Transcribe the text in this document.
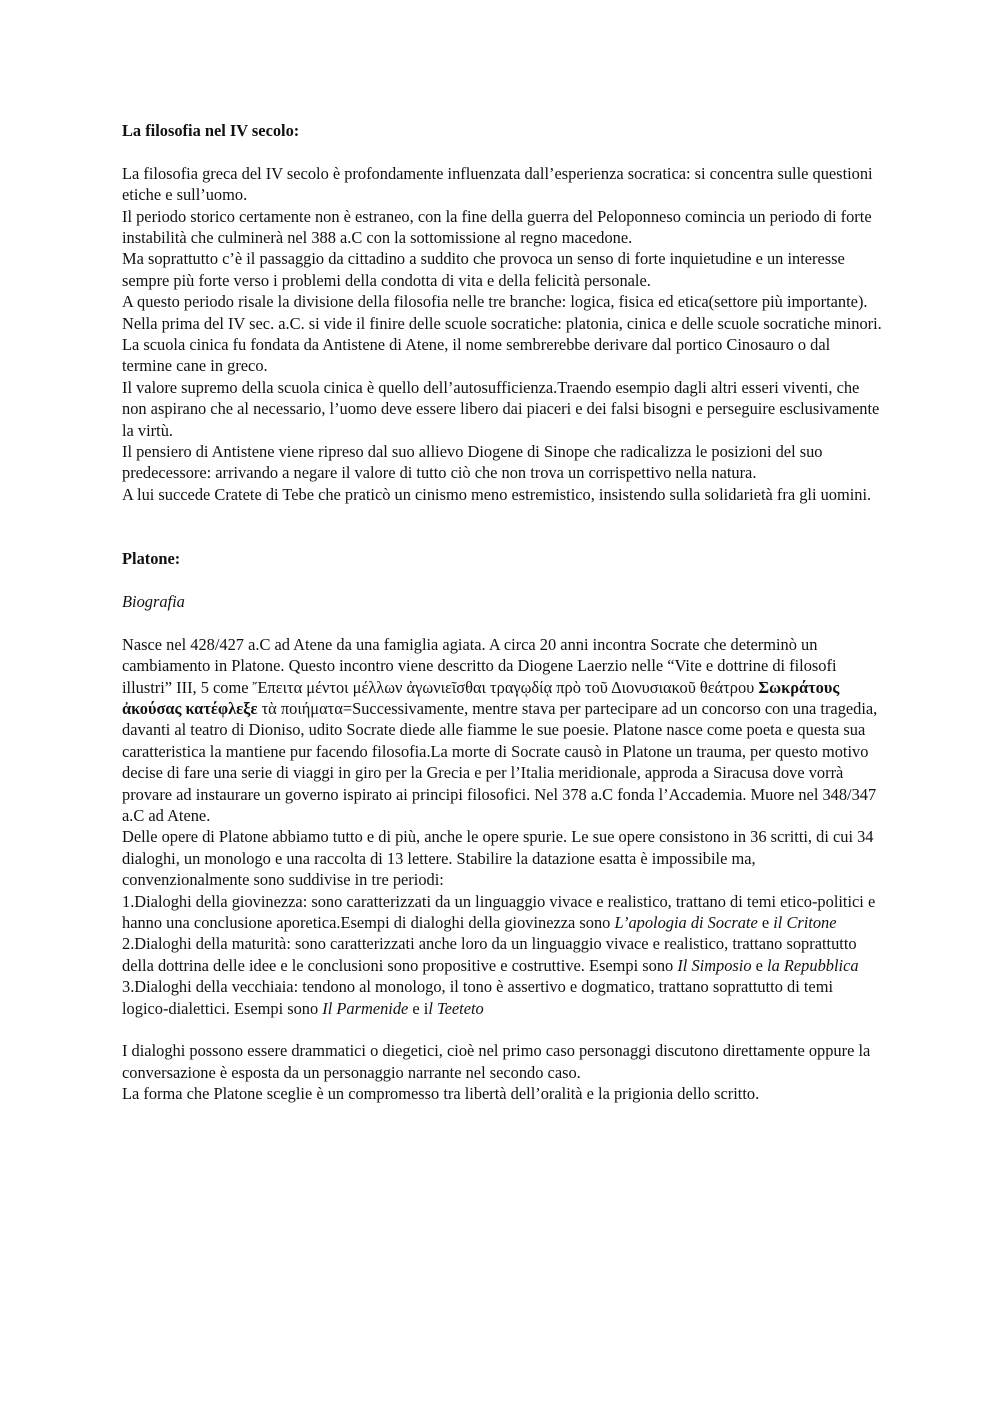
La filosofia nel IV secolo:

La filosofia greca del IV secolo è profondamente influenzata dall’esperienza socratica: si concentra sulle questioni etiche e sull’uomo.

Il periodo storico certamente non è estraneo, con la fine della guerra del Peloponneso comincia un periodo di forte instabilità che culminerà nel 388 a.C con la sottomissione al regno macedone.

Ma soprattutto c’è il passaggio da cittadino a suddito che provoca un senso di forte inquietudine e un interesse sempre più forte verso i problemi della condotta di vita e della felicità personale.

A questo periodo risale la divisione della filosofia nelle tre branche: logica, fisica ed etica(settore più importante).

Nella prima del IV sec. a.C. si vide il finire delle scuole socratiche: platonia, cinica e delle scuole socratiche minori.

La scuola cinica fu fondata da Antistene di Atene, il nome sembrerebbe derivare dal portico Cinosauro o dal termine cane in greco.

Il valore supremo della scuola cinica è quello dell’autosufficienza.Traendo esempio dagli altri esseri viventi, che non aspirano che al necessario, l’uomo deve essere libero dai piaceri e dei falsi bisogni e perseguire esclusivamente la virtù.

Il pensiero di Antistene viene ripreso dal suo allievo Diogene di Sinope che radicalizza le posizioni del suo predecessore: arrivando a negare il valore di tutto ciò che non trova un corrispettivo nella natura.

A lui succede Cratete di Tebe che praticò un cinismo meno estremistico, insistendo sulla solidarietà fra gli uomini.

Platone:

Biografia

Nasce nel 428/427 a.C ad Atene da una famiglia agiata. A circa 20 anni incontra Socrate che determinò un cambiamento in Platone. Questo incontro viene descritto da Diogene Laerzio nelle “Vite e dottrine di filosofi illustri” III, 5 come Ἔπειτα μέντοι μέλλων ἀγωνιεῖσθαι τραγῳδίᾳ πρὸ τοῦ Διονυσιακοῦ θεάτρου Σωκράτους ἀκούσας κατέφλεξε τὰ ποιήματα=Successivamente, mentre stava per partecipare ad un concorso con una tragedia, davanti al teatro di Dioniso, udito Socrate diede alle fiamme le sue poesie. Platone nasce come poeta e questa sua caratteristica la mantiene pur facendo filosofia.La morte di Socrate causò in Platone un trauma, per questo motivo decise di fare una serie di viaggi in giro per la Grecia e per l’Italia meridionale, approda a Siracusa dove vorrà provare ad instaurare un governo ispirato ai principi filosofici. Nel 378 a.C fonda l’Accademia. Muore nel 348/347 a.C ad Atene.

Delle opere di Platone abbiamo tutto e di più, anche le opere spurie. Le sue opere consistono in 36 scritti, di cui 34 dialoghi, un monologo e una raccolta di 13 lettere. Stabilire la datazione esatta è impossibile ma, convenzionalmente sono suddivise in tre periodi:

1.Dialoghi della giovinezza: sono caratterizzati da un linguaggio vivace e realistico, trattano di temi etico-politici e hanno una conclusione aporetica.Esempi di dialoghi della giovinezza sono L’apologia di Socrate e il Critone

2.Dialoghi della maturità: sono caratterizzati anche loro da un linguaggio vivace e realistico, trattano soprattutto della dottrina delle idee e le conclusioni sono propositive e costruttive. Esempi sono Il Simposio e la Repubblica

3.Dialoghi della vecchiaia: tendono al monologo, il tono è assertivo e dogmatico, trattano soprattutto di temi logico-dialettici. Esempi sono Il Parmenide e il Teeteto

I dialoghi possono essere drammatici o diegetici, cioè nel primo caso personaggi discutono direttamente oppure la conversazione è esposta da un personaggio narrante nel secondo caso.

La forma che Platone sceglie è un compromesso tra libertà dell’oralità e la prigionia dello scritto.
